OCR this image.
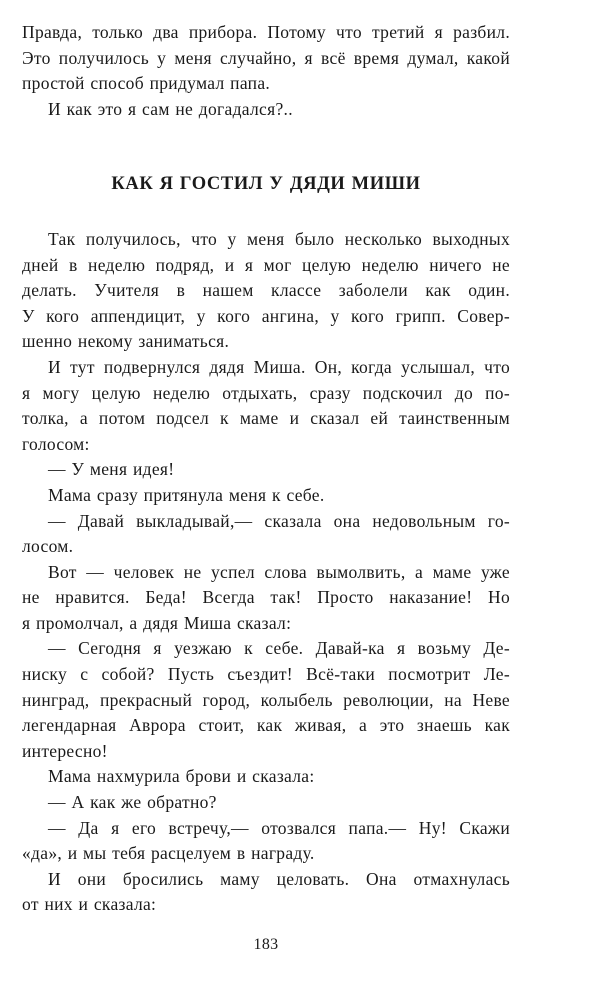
Правда, только два прибора. Потому что третий я разбил.
Это получилось у меня случайно, я всё время думал, какой
простой способ придумал папа.
И как это я сам не догадался?..
КАК Я ГОСТИЛ У ДЯДИ МИШИ
Так получилось, что у меня было несколько выходных
дней в неделю подряд, и я мог целую неделю ничего не
делать. Учителя в нашем классе заболели как один.
У кого аппендицит, у кого ангина, у кого грипп. Совер-
шенно некому заниматься.
И тут подвернулся дядя Миша. Он, когда услышал, что
я могу целую неделю отдыхать, сразу подскочил до по-
толка, а потом подсел к маме и сказал ей таинственным
голосом:
— У меня идея!
Мама сразу притянула меня к себе.
— Давай выкладывай,— сказала она недовольным го-
лосом.
Вот — человек не успел слова вымолвить, а маме уже
не нравится. Беда! Всегда так! Просто наказание! Но
я промолчал, а дядя Миша сказал:
— Сегодня я уезжаю к себе. Давай-ка я возьму Де-
ниску с собой? Пусть съездит! Всё-таки посмотрит Ле-
нинград, прекрасный город, колыбель революции, на Неве
легендарная Аврора стоит, как живая, а это знаешь как
интересно!
Мама нахмурила брови и сказала:
— А как же обратно?
— Да я его встречу,— отозвался папа.— Ну! Скажи
«да», и мы тебя расцелуем в награду.
И они бросились маму целовать. Она отмахнулась
от них и сказала:
183
